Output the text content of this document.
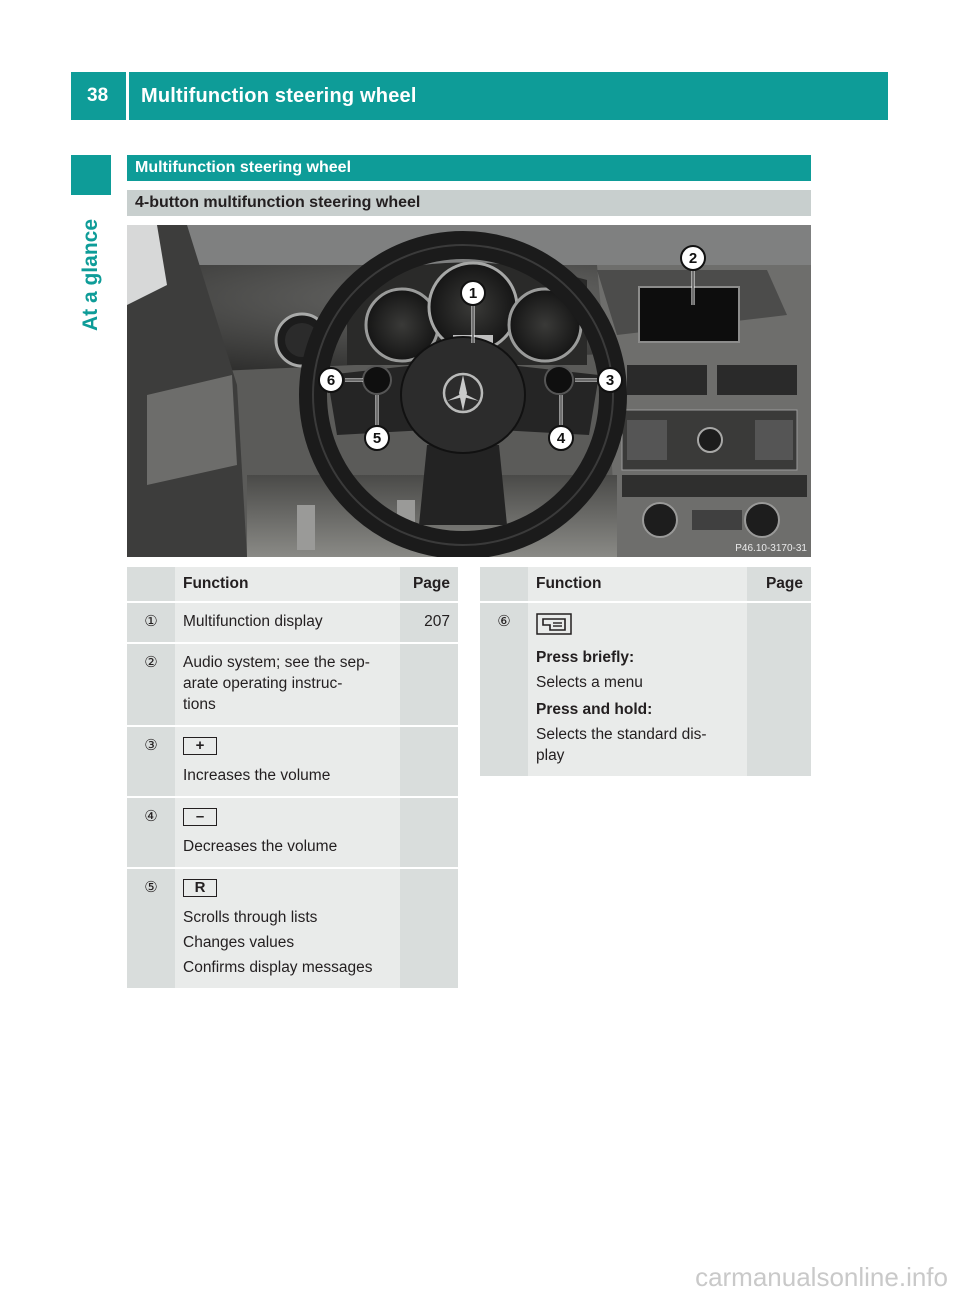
38	Multifunction steering wheel
At a glance
Multifunction steering wheel
4-button multifunction steering wheel
1
2
3
4
5
6
P46.10-3170-31
	Function	Page
①	Multifunction display	207
②	Audio system; see the sep-
arate operating instruc-
tions	

③	+
Increases the volume	

④	–
Decreases the volume	

⑤	R
Scrolls through lists
Changes values
Confirms display messages	

	Function	Page
⑥	Press briefly:
Selects a menu
Press and hold:
Selects the standard dis-
play	

carmanualsonline.info
